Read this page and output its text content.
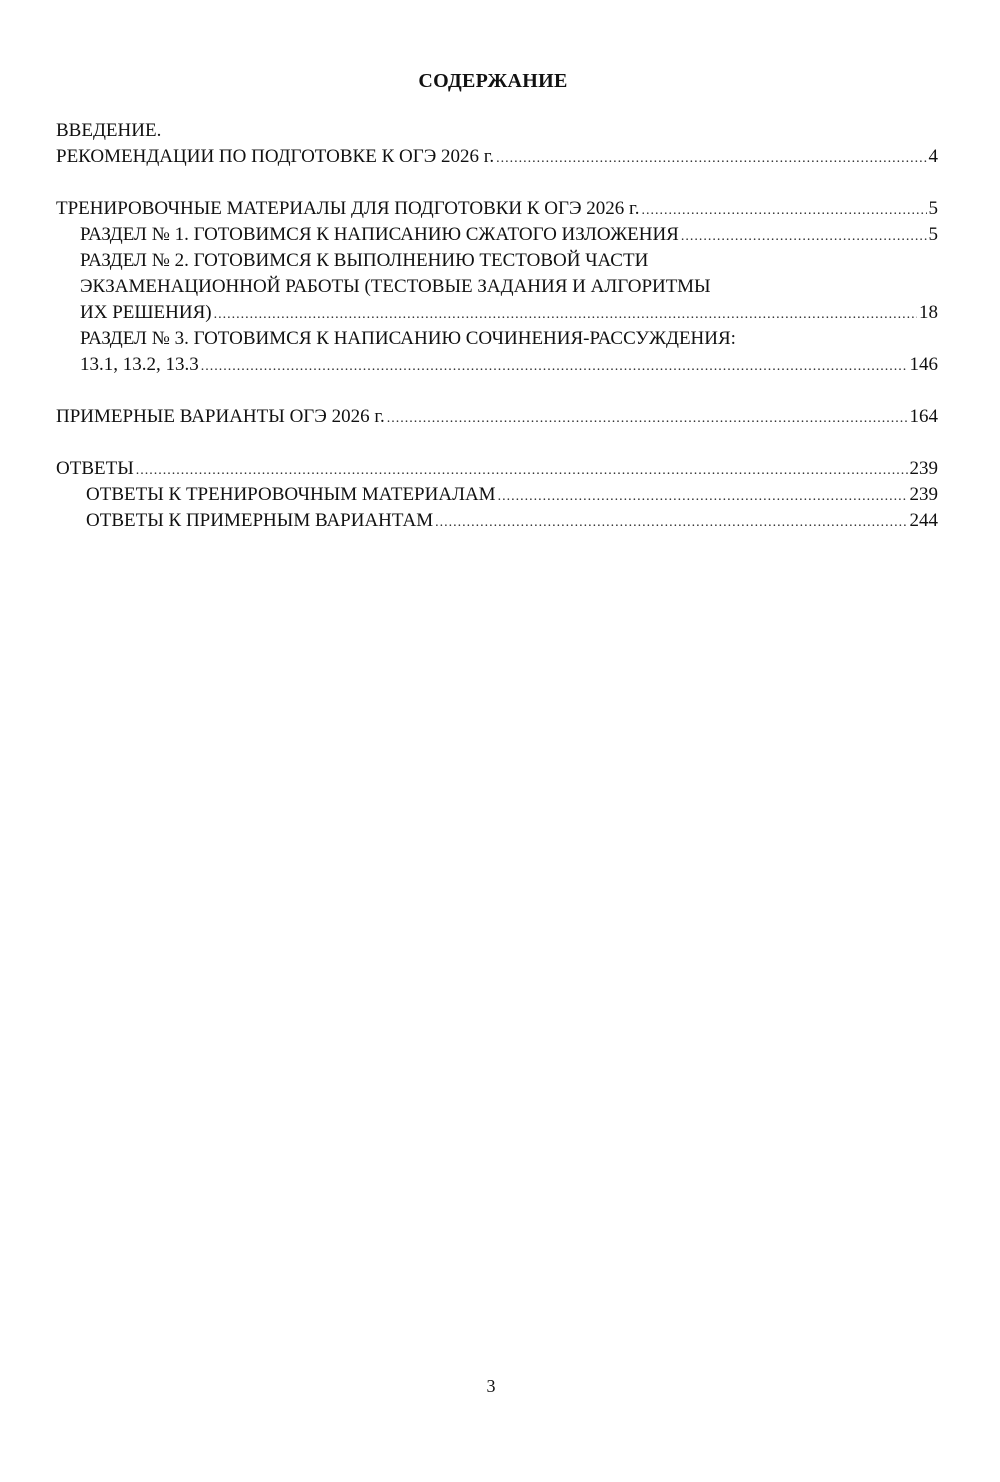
СОДЕРЖАНИЕ
ВВЕДЕНИЕ.
РЕКОМЕНДАЦИИ ПО ПОДГОТОВКЕ К ОГЭ 2026 г. .....	4
ТРЕНИРОВОЧНЫЕ МАТЕРИАЛЫ ДЛЯ ПОДГОТОВКИ К ОГЭ 2026 г. .....	5
РАЗДЕЛ № 1. ГОТОВИМСЯ К НАПИСАНИЮ СЖАТОГО ИЗЛОЖЕНИЯ .....	5
РАЗДЕЛ № 2. ГОТОВИМСЯ К ВЫПОЛНЕНИЮ ТЕСТОВОЙ ЧАСТИ
ЭКЗАМЕНАЦИОННОЙ РАБОТЫ (ТЕСТОВЫЕ ЗАДАНИЯ И АЛГОРИТМЫ
ИХ РЕШЕНИЯ) .....	18
РАЗДЕЛ № 3. ГОТОВИМСЯ К НАПИСАНИЮ СОЧИНЕНИЯ-РАССУЖДЕНИЯ:
13.1, 13.2, 13.3 .....	146
ПРИМЕРНЫЕ ВАРИАНТЫ ОГЭ 2026 г. .....	164
ОТВЕТЫ .....	239
ОТВЕТЫ К ТРЕНИРОВОЧНЫМ МАТЕРИАЛАМ .....	239
ОТВЕТЫ К ПРИМЕРНЫМ ВАРИАНТАМ .....	244
3
